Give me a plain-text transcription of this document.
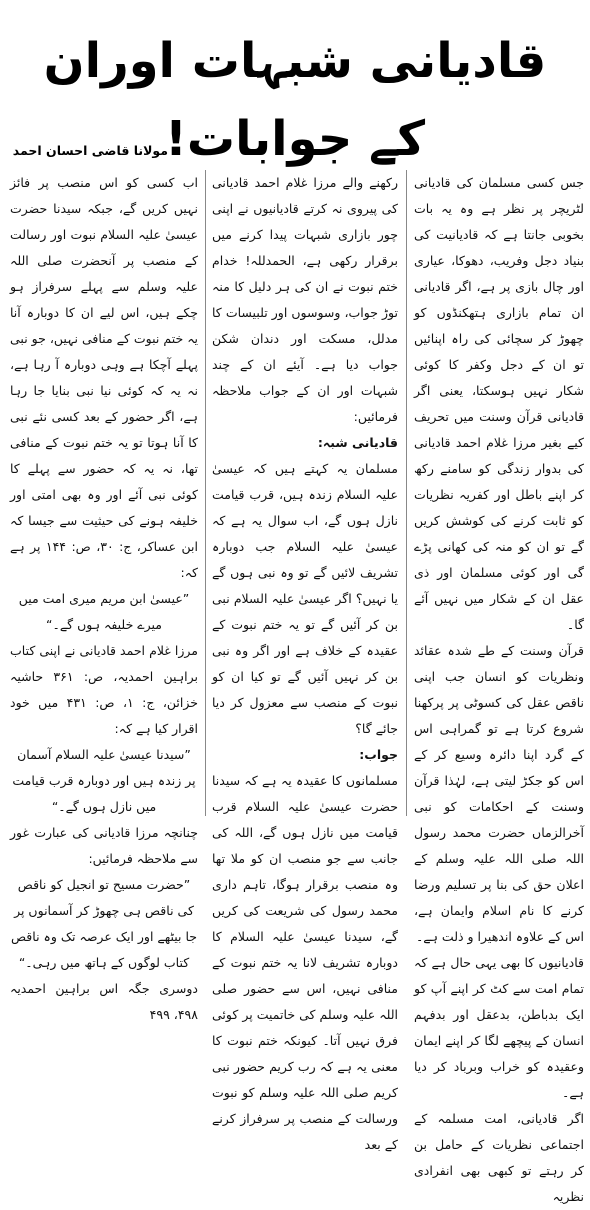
قادیانی شبہات اوران کے جوابات!
مولانا قاضی احسان احمد

جس کسی مسلمان کی قادیانی لٹریچر پر نظر ہے وہ یہ بات بخوبی جانتا ہے کہ قادیانیت کی بنیاد دجل وفریب، دھوکا، عیاری اور چال بازی پر ہے، اگر قادیانی ان تمام بازاری ہتھکنڈوں کو چھوڑ کر سچائی کی راہ اپنائیں تو ان کے دجل وکفر کا کوئی شکار نہیں ہوسکتا، یعنی اگر قادیانی قرآن وسنت میں تحریف کیے بغیر مرزا غلام احمد قادیانی کی بدوار زندگی کو سامنے رکھ کر اپنے باطل اور کفریہ نظریات کو ثابت کرنے کی کوشش کریں گے تو ان کو منہ کی کھانی پڑے گی اور کوئی مسلمان اور ذی عقل ان کے شکار میں نہیں آئے گا۔

قرآن وسنت کے طے شدہ عقائد ونظریات کو انسان جب اپنی ناقص عقل کی کسوٹی پر پرکھنا شروع کرتا ہے تو گمراہی اس کے گرد اپنا دائرہ وسیع کر کے اس کو جکڑ لیتی ہے، لہٰذا قرآن وسنت کے احکامات کو نبی آخرالزماں حضرت محمد رسول اللہ صلی اللہ علیہ وسلم کے اعلان حق کی بنا پر تسلیم ورضا کرنے کا نام اسلام وایمان ہے، اس کے علاوہ اندھیرا و ذلت ہے۔

قادیانیوں کا بھی یہی حال ہے کہ تمام امت سے کٹ کر اپنے آپ کو ایک بدباطن، بدعقل اور بدفہم انسان کے پیچھے لگا کر اپنے ایمان وعقیدہ کو خراب وبرباد کر دیا ہے۔

اگر قادیانی، امت مسلمہ کے اجتماعی نظریات کے حامل بن کر رہتے تو کبھی بھی انفرادی نظریہ

رکھنے والے مرزا غلام احمد قادیانی کی پیروی نہ کرتے قادیانیوں نے اپنی چور بازاری شبہات پیدا کرنے میں برقرار رکھی ہے، الحمدللہ! خدام ختم نبوت نے ان کی ہر دلیل کا منہ توڑ جواب، وسوسوں اور تلبیسات کا مدلل، مسکت اور دندان شکن جواب دیا ہے۔ آیئے ان کے چند شبہات اور ان کے جواب ملاحظہ فرمائیں:

قادیانی شبہ:

مسلمان یہ کہتے ہیں کہ عیسیٰ علیہ السلام زندہ ہیں، قرب قیامت نازل ہوں گے، اب سوال یہ ہے کہ عیسیٰ علیہ السلام جب دوبارہ تشریف لائیں گے تو وہ نبی ہوں گے یا نہیں؟ اگر عیسیٰ علیہ السلام نبی بن کر آئیں گے تو یہ ختم نبوت کے عقیدہ کے خلاف ہے اور اگر وہ نبی بن کر نہیں آئیں گے تو کیا ان کو نبوت کے منصب سے معزول کر دیا جائے گا؟

جواب:

مسلمانوں کا عقیدہ یہ ہے کہ سیدنا حضرت عیسیٰ علیہ السلام قرب قیامت میں نازل ہوں گے، اللہ کی جانب سے جو منصب ان کو ملا تھا وہ منصب برقرار ہوگا، تاہم داری محمد رسول کی شریعت کی کریں گے، سیدنا عیسیٰ علیہ السلام کا دوبارہ تشریف لانا یہ ختم نبوت کے منافی نہیں، اس سے حضور صلی اللہ علیہ وسلم کی خاتمیت پر کوئی فرق نہیں آتا۔ کیونکہ ختم نبوت کا معنی یہ ہے کہ رب کریم حضور نبی کریم صلی اللہ علیہ وسلم کو نبوت ورسالت کے منصب پر سرفراز کرنے کے بعد

اب کسی کو اس منصب پر فائز نہیں کریں گے، جبکہ سیدنا حضرت عیسیٰ علیہ السلام نبوت اور رسالت کے منصب پر آنحضرت صلی اللہ علیہ وسلم سے پہلے سرفراز ہو چکے ہیں، اس لیے ان کا دوبارہ آنا یہ ختم نبوت کے منافی نہیں، جو نبی پہلے آچکا ہے وہی دوبارہ آ رہا ہے، نہ یہ کہ کوئی نیا نبی بنایا جا رہا ہے، اگر حضور کے بعد کسی نئے نبی کا آنا ہوتا تو یہ ختم نبوت کے منافی تھا، نہ یہ کہ حضور سے پہلے کا کوئی نبی آئے اور وہ بھی امتی اور خلیفہ ہونے کی حیثیت سے جیسا کہ ابن عساکر، ج: ۳۰، ص: ۱۴۴ پر ہے کہ:

”عیسیٰ ابن مریم میری امت میں میرے خلیفہ ہوں گے۔“

مرزا غلام احمد قادیانی نے اپنی کتاب براہین احمدیہ، ص: ۳۶۱ حاشیہ خزائن، ج: ۱، ص: ۴۳۱ میں خود اقرار کیا ہے کہ:

”سیدنا عیسیٰ علیہ السلام آسمان پر زندہ ہیں اور دوبارہ قرب قیامت میں نازل ہوں گے۔“

چنانچہ مرزا قادیانی کی عبارت غور سے ملاحظہ فرمائیں:

”حضرت مسیح تو انجیل کو ناقص کی ناقص ہی چھوڑ کر آسمانوں پر جا بیٹھے اور ایک عرصہ تک وہ ناقص کتاب لوگوں کے ہاتھ میں رہی۔“

دوسری جگہ اس براہین احمدیہ ۴۹۸، ۴۹۹
